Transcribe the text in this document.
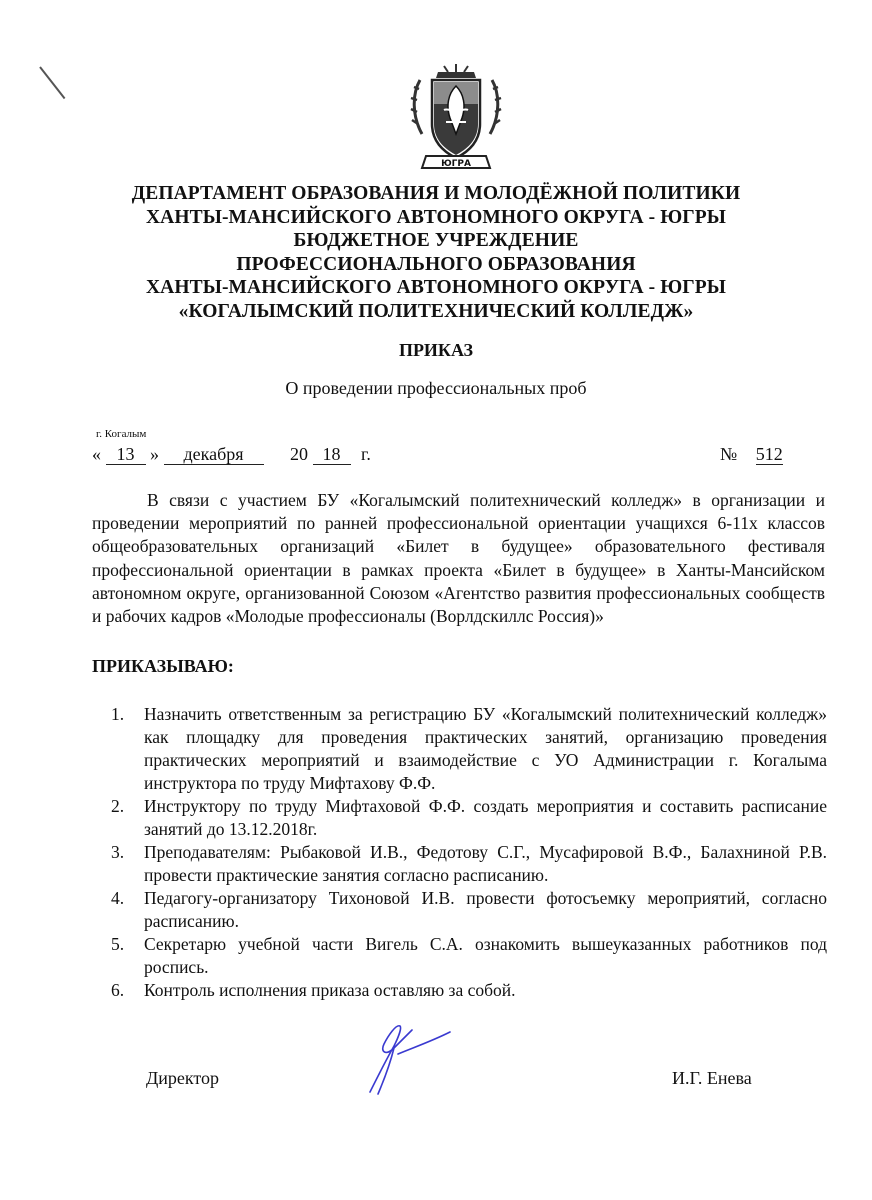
ЮГРА
ДЕПАРТАМЕНТ ОБРАЗОВАНИЯ И МОЛОДЁЖНОЙ ПОЛИТИКИ
ХАНТЫ-МАНСИЙСКОГО АВТОНОМНОГО ОКРУГА - ЮГРЫ
БЮДЖЕТНОЕ УЧРЕЖДЕНИЕ
ПРОФЕССИОНАЛЬНОГО ОБРАЗОВАНИЯ
ХАНТЫ-МАНСИЙСКОГО АВТОНОМНОГО ОКРУГА - ЮГРЫ
«КОГАЛЫМСКИЙ ПОЛИТЕХНИЧЕСКИЙ КОЛЛЕДЖ»
ПРИКАЗ
О проведении профессиональных проб
г. Когалым
« 13 » декабря	20 18 г.	№ 512

В связи с участием БУ «Когалымский политехнический колледж» в организации и проведении мероприятий по ранней профессиональной ориентации учащихся 6-11х классов общеобразовательных организаций «Билет в будущее» образовательного фестиваля профессиональной ориентации в рамках проекта «Билет в будущее» в Ханты-Мансийском автономном округе, организованной Союзом «Агентство развития профессиональных сообществ и рабочих кадров «Молодые профессионалы (Ворлдскиллс Россия)»

ПРИКАЗЫВАЮ:
1. Назначить ответственным за регистрацию БУ «Когалымский политехнический колледж» как площадку для проведения практических занятий, организацию проведения практических мероприятий и взаимодействие с УО Администрации г. Когалыма инструктора по труду Мифтахову Ф.Ф.
2. Инструктору по труду Мифтаховой Ф.Ф. создать мероприятия и составить расписание занятий до 13.12.2018г.
3. Преподавателям: Рыбаковой И.В., Федотову С.Г., Мусафировой В.Ф., Балахниной Р.В. провести практические занятия согласно расписанию.
4. Педагогу-организатору Тихоновой И.В. провести фотосъемку мероприятий, согласно расписанию.
5. Секретарю учебной части Вигель С.А. ознакомить вышеуказанных работников под роспись.
6. Контроль исполнения приказа оставляю за собой.
Директор	И.Г. Енева
